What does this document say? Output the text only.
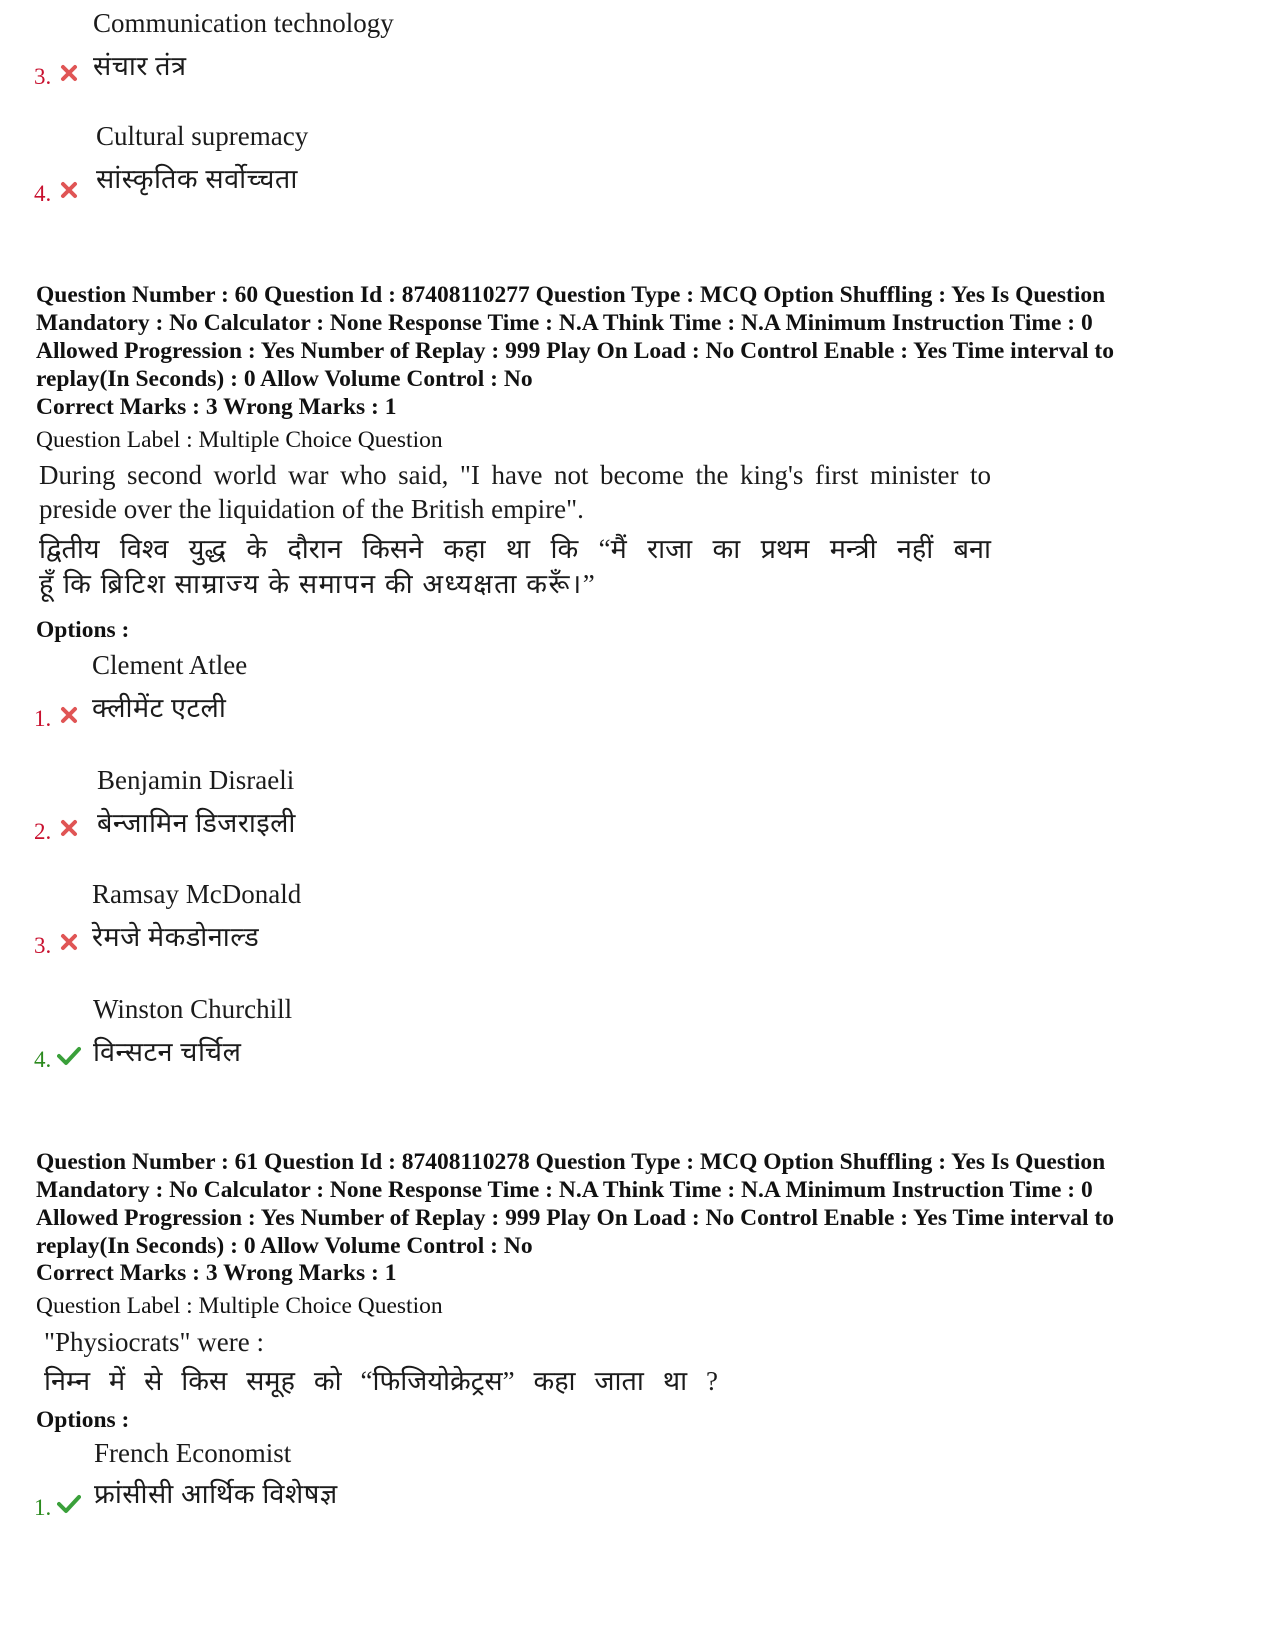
Communication technology
संचार तंत्र
3.
Cultural supremacy
सांस्कृतिक सर्वोच्चता
4.
Question Number : 60 Question Id : 87408110277 Question Type : MCQ Option Shuffling : Yes Is Question
Mandatory : No Calculator : None Response Time : N.A Think Time : N.A Minimum Instruction Time : 0
Allowed Progression : Yes Number of Replay : 999 Play On Load : No Control Enable : Yes Time interval to
replay(In Seconds) : 0 Allow Volume Control : No
Correct Marks : 3 Wrong Marks : 1
Question Label : Multiple Choice Question
During second world war who said, "I have not become the king's first minister to
preside over the liquidation of the British empire".
द्वितीय विश्व युद्ध के दौरान किसने कहा था कि “मैं राजा का प्रथम मन्त्री नहीं बना
हूँ कि ब्रिटिश साम्राज्य के समापन की अध्यक्षता करूँ।”
Options :
Clement Atlee
क्लीमेंट एटली
1.
Benjamin Disraeli
बेन्जामिन डिजराइली
2.
Ramsay McDonald
रेमजे मेकडोनाल्ड
3.
Winston Churchill
विन्सटन चर्चिल
4.
Question Number : 61 Question Id : 87408110278 Question Type : MCQ Option Shuffling : Yes Is Question
Mandatory : No Calculator : None Response Time : N.A Think Time : N.A Minimum Instruction Time : 0
Allowed Progression : Yes Number of Replay : 999 Play On Load : No Control Enable : Yes Time interval to
replay(In Seconds) : 0 Allow Volume Control : No
Correct Marks : 3 Wrong Marks : 1
Question Label : Multiple Choice Question
"Physiocrats" were :
निम्न में से किस समूह को “फिजियोक्रेट्रस” कहा जाता था ?
Options :
French Economist
फ्रांसीसी आर्थिक विशेषज्ञ
1.
